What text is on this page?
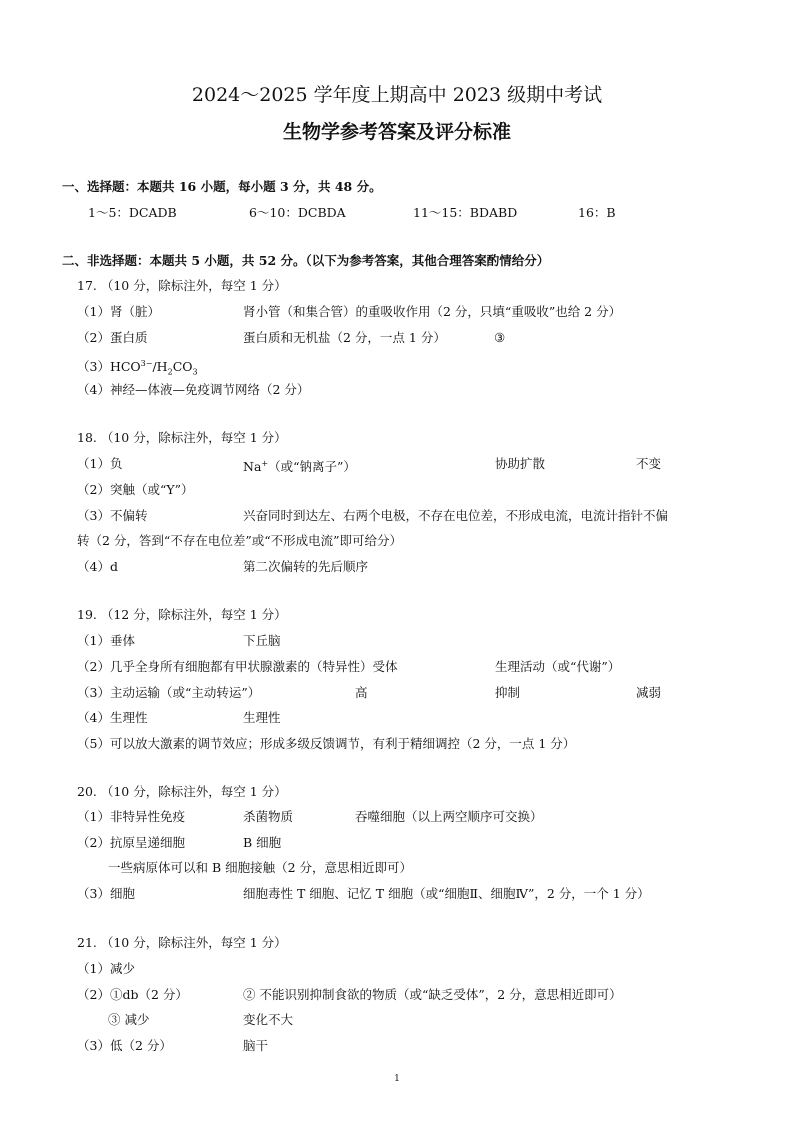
2024～2025 学年度上期高中 2023 级期中考试
生物学参考答案及评分标准
一、选择题：本题共 16 小题，每小题 3 分，共 48 分。
1～5：DCADB	6～10：DCBDA	11～15：BDABD	16：B
二、非选择题：本题共 5 小题，共 52 分。（以下为参考答案，其他合理答案酌情给分）
17. （10 分，除标注外，每空 1 分）
（1）肾（脏）	肾小管（和集合管）的重吸收作用（2 分，只填“重吸收”也给 2 分）
（2）蛋白质	蛋白质和无机盐（2 分，一点 1 分）	③
$(3)HCO^{3-}/H_2CO_3$
（4）神经—体液—免疫调节网络（2 分）
18. （10 分，除标注外，每空 1 分）
（1）负	Na+（或“钠离子”）	协助扩散	不变
（2）突触（或“Y”）
（3）不偏转	兴奋同时到达左、右两个电极，不存在电位差，不形成电流，电流计指针不偏
转（2 分，答到“不存在电位差”或“不形成电流”即可给分）
（4）d	第二次偏转的先后顺序
19. （12 分，除标注外，每空 1 分）
（1）垂体	下丘脑
（2）几乎全身所有细胞都有甲状腺激素的（特异性）受体	生理活动（或“代谢”）
（3）主动运输（或“主动转运”）	高	抑制	减弱
（4）生理性	生理性
（5）可以放大激素的调节效应；形成多级反馈调节，有利于精细调控（2 分，一点 1 分）
20. （10 分，除标注外，每空 1 分）
（1）非特异性免疫	杀菌物质	吞噬细胞（以上两空顺序可交换）
（2）抗原呈递细胞	B 细胞
一些病原体可以和 B 细胞接触（2 分，意思相近即可）
（3）细胞	细胞毒性 T 细胞、记忆 T 细胞（或“细胞Ⅱ、细胞Ⅳ”，2 分，一个 1 分）
21. （10 分，除标注外，每空 1 分）
（1）减少
（2）①db（2 分）	② 不能识别抑制食欲的物质（或“缺乏受体”，2 分，意思相近即可）
③ 减少	变化不大
（3）低（2 分）	脑干
1
